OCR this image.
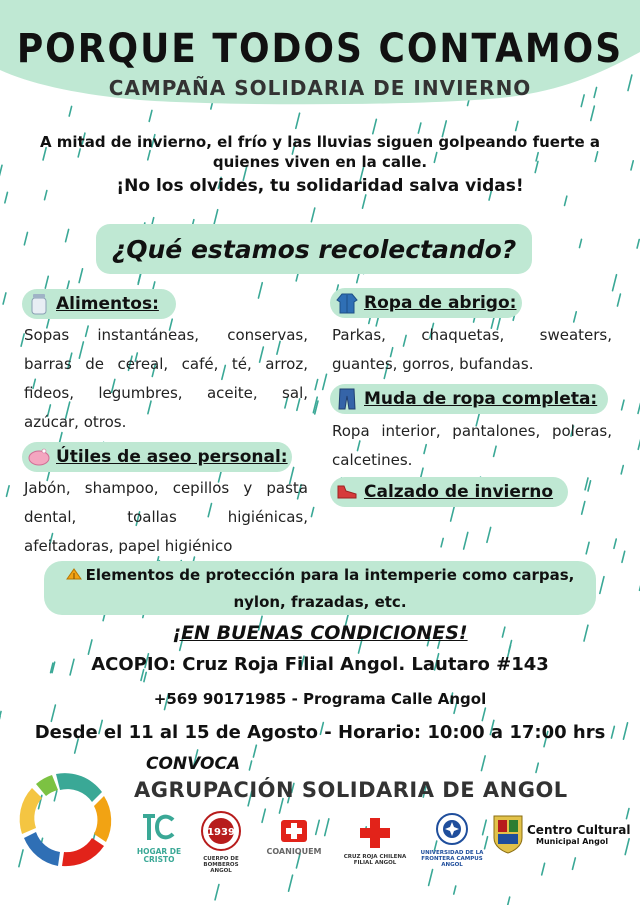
PORQUE TODOS CONTAMOS
CAMPAÑA SOLIDARIA DE INVIERNO
A mitad de invierno, el frío y las lluvias siguen golpeando fuerte a quienes viven en la calle.
¡No los olvides, tu solidaridad salva vidas!
¿Qué estamos recolectando?
Alimentos:
Sopas instantáneas, conservas, barras de cereal, café, té, arroz, fideos, legumbres, aceite, sal, azúcar, otros.
Útiles de aseo personal:
Jabón, shampoo, cepillos y pasta dental, toallas higiénicas, afeitadoras, papel higiénico
Ropa de abrigo:
Parkas, chaquetas, sweaters, guantes, gorros, bufandas.
Muda de ropa completa:
Ropa interior, pantalones, poleras, calcetines.
Calzado de invierno
Elementos de protección para la intemperie como carpas, nylon, frazadas, etc.
¡EN BUENAS CONDICIONES!
ACOPIO: Cruz Roja Filial Angol. Lautaro #143
+569 90171985 - Programa Calle Angol
Desde el 11 al 15 de Agosto - Horario: 10:00 a 17:00 hrs
CONVOCA
AGRUPACIÓN SOLIDARIA DE ANGOL
HOGAR DE CRISTO
1939
CUERPO DE BOMBEROS ANGOL
COANIQUEM
CRUZ ROJA CHILENA FILIAL ANGOL
UNIVERSIDAD DE LA FRONTERA CAMPUS ANGOL
Centro Cultural
Municipal Angol
